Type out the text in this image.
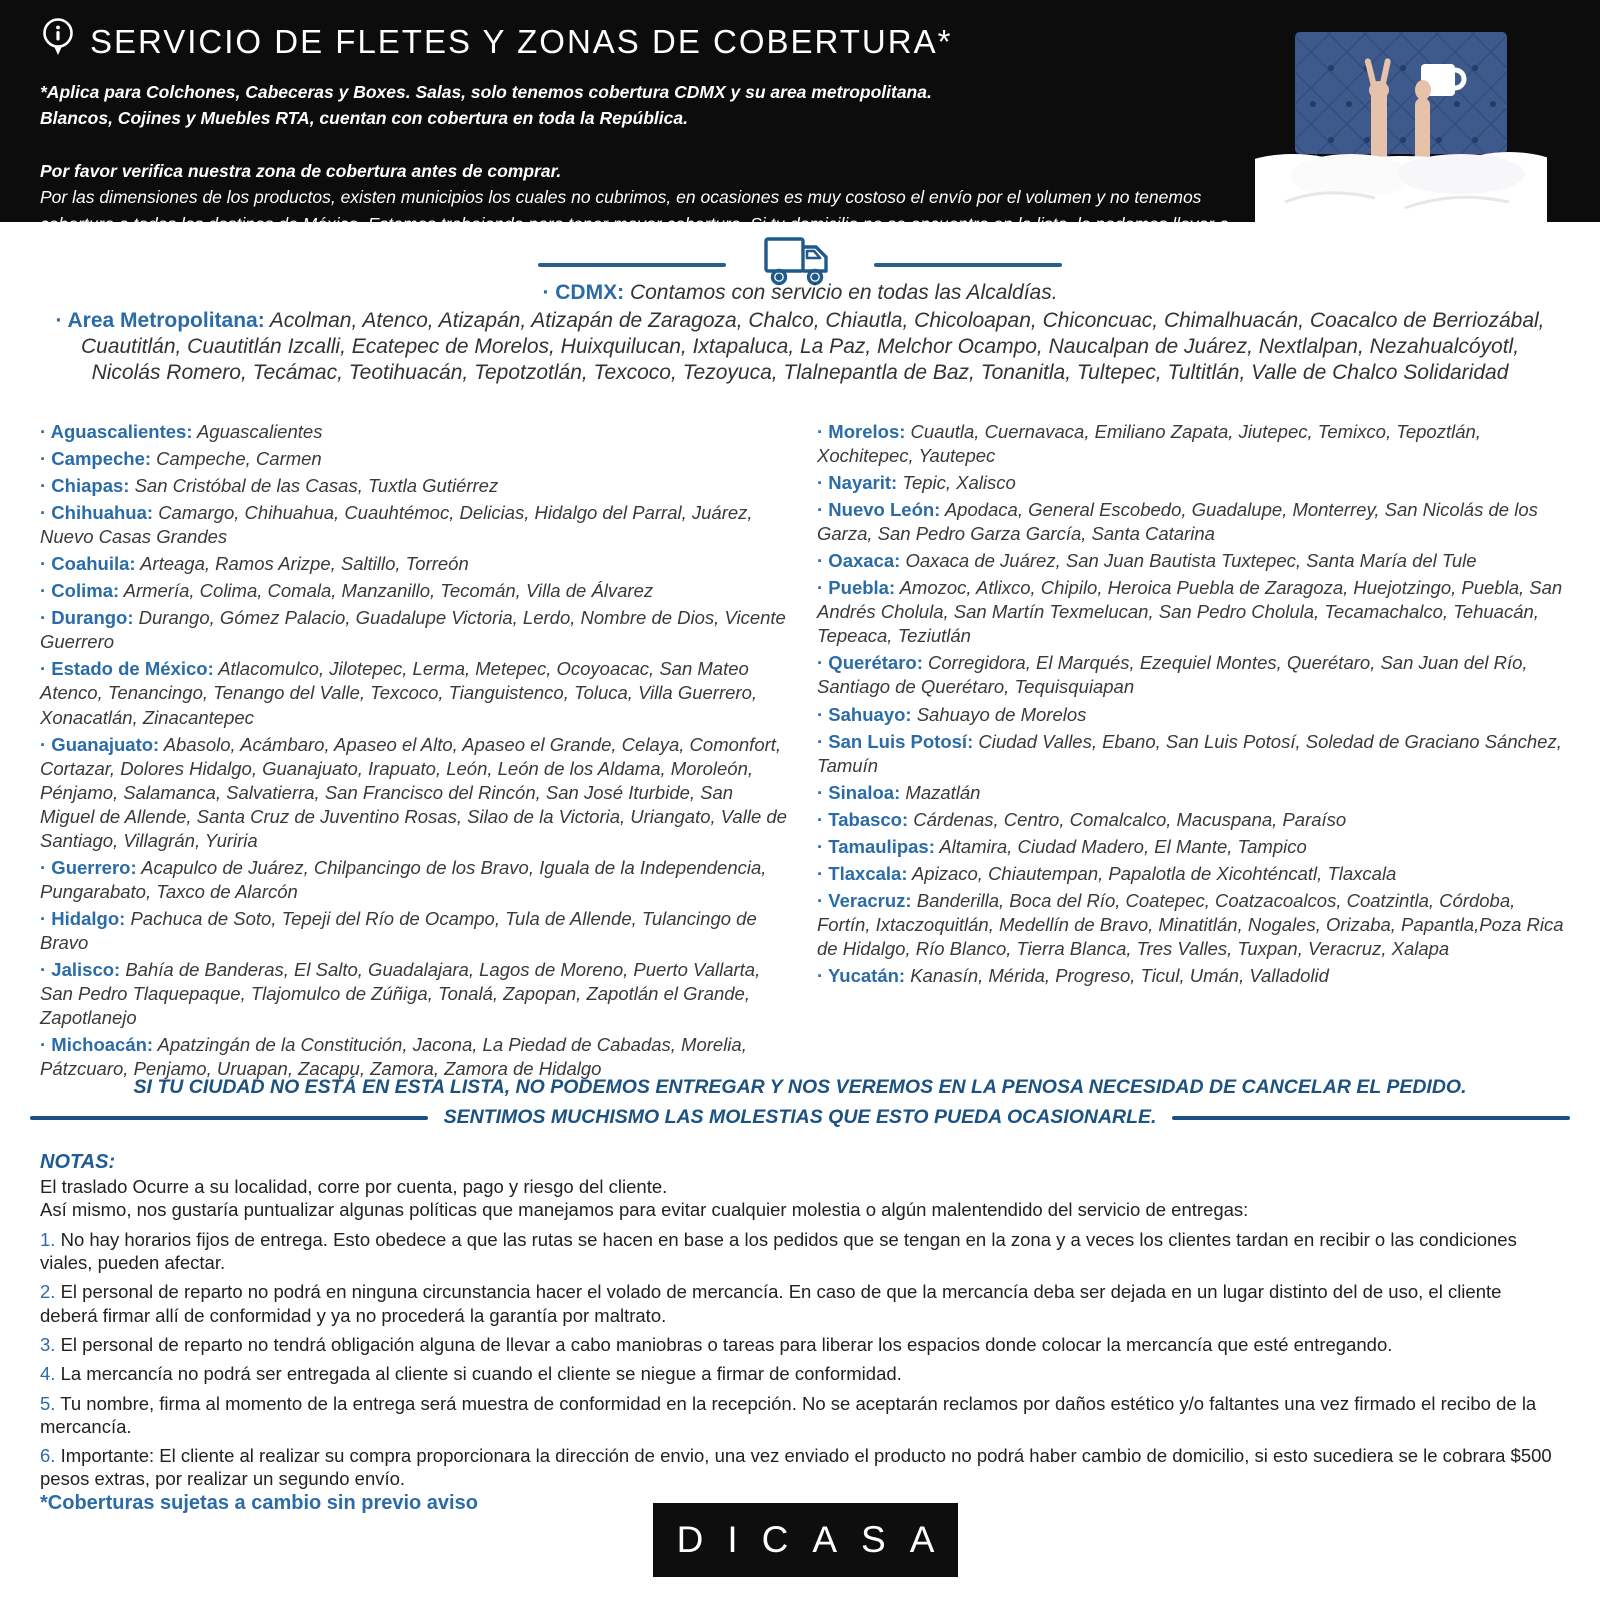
SERVICIO DE FLETES Y ZONAS DE COBERTURA*

*Aplica para Colchones, Cabeceras y Boxes. Salas, solo tenemos cobertura CDMX y su area metropolitana.
Blancos, Cojines y Muebles RTA, cuentan con cobertura en toda la República.

Por favor verifica nuestra zona de cobertura antes de comprar.
Por las dimensiones de los productos, existen municipios los cuales no cubrimos, en ocasiones es muy costoso el envío por el volumen y no tenemos cobertura a todos los destinos de México. Estamos trabajando para tener mayor cobertura. Si tu domicilio no se encuentra en la lista, lo podemos llevar a la ciudad más cercana para que de ahí, tú puedas recoger la mercancía. Esto se llama servicio Ocurre.

· CDMX: Contamos con servicio en todas las Alcaldías.
· Area Metropolitana: Acolman, Atenco, Atizapán, Atizapán de Zaragoza, Chalco, Chiautla, Chicoloapan, Chiconcuac, Chimalhuacán, Coacalco de Berriozábal, Cuautitlán, Cuautitlán Izcalli, Ecatepec de Morelos, Huixquilucan, Ixtapaluca, La Paz, Melchor Ocampo, Naucalpan de Juárez, Nextlalpan, Nezahualcóyotl, Nicolás Romero, Tecámac, Teotihuacán, Tepotzotlán, Texcoco, Tezoyuca, Tlalnepantla de Baz, Tonanitla, Tultepec, Tultitlán, Valle de Chalco Solidaridad

· Aguascalientes: Aguascalientes

· Campeche: Campeche, Carmen

· Chiapas: San Cristóbal de las Casas, Tuxtla Gutiérrez

· Chihuahua: Camargo, Chihuahua, Cuauhtémoc, Delicias, Hidalgo del Parral, Juárez, Nuevo Casas Grandes

· Coahuila: Arteaga, Ramos Arizpe, Saltillo, Torreón

· Colima: Armería, Colima, Comala, Manzanillo, Tecomán, Villa de Álvarez

· Durango: Durango, Gómez Palacio, Guadalupe Victoria, Lerdo, Nombre de Dios, Vicente Guerrero

· Estado de México: Atlacomulco, Jilotepec, Lerma, Metepec, Ocoyoacac, San Mateo Atenco, Tenancingo, Tenango del Valle, Texcoco, Tianguistenco, Toluca, Villa Guerrero, Xonacatlán, Zinacantepec

· Guanajuato: Abasolo, Acámbaro, Apaseo el Alto, Apaseo el Grande, Celaya, Comonfort, Cortazar, Dolores Hidalgo, Guanajuato, Irapuato, León, León de los Aldama, Moroleón, Pénjamo, Salamanca, Salvatierra, San Francisco del Rincón, San José Iturbide, San Miguel de Allende, Santa Cruz de Juventino Rosas, Silao de la Victoria, Uriangato, Valle de Santiago, Villagrán, Yuriria

· Guerrero: Acapulco de Juárez, Chilpancingo de los Bravo, Iguala de la Independencia, Pungarabato, Taxco de Alarcón

· Hidalgo: Pachuca de Soto, Tepeji del Río de Ocampo, Tula de Allende, Tulancingo de Bravo

· Jalisco: Bahía de Banderas, El Salto, Guadalajara, Lagos de Moreno, Puerto Vallarta, San Pedro Tlaquepaque, Tlajomulco de Zúñiga, Tonalá, Zapopan, Zapotlán el Grande, Zapotlanejo

· Michoacán: Apatzingán de la Constitución, Jacona, La Piedad de Cabadas, Morelia, Pátzcuaro, Penjamo, Uruapan, Zacapu, Zamora, Zamora de Hidalgo

· Morelos: Cuautla, Cuernavaca, Emiliano Zapata, Jiutepec, Temixco, Tepoztlán, Xochitepec, Yautepec

· Nayarit: Tepic, Xalisco

· Nuevo León: Apodaca, General Escobedo, Guadalupe, Monterrey, San Nicolás de los Garza, San Pedro Garza García, Santa Catarina

· Oaxaca: Oaxaca de Juárez, San Juan Bautista Tuxtepec, Santa María del Tule

· Puebla: Amozoc, Atlixco, Chipilo, Heroica Puebla de Zaragoza, Huejotzingo, Puebla, San Andrés Cholula, San Martín Texmelucan, San Pedro Cholula, Tecamachalco, Tehuacán, Tepeaca, Teziutlán

· Querétaro: Corregidora, El Marqués, Ezequiel Montes, Querétaro, San Juan del Río, Santiago de Querétaro, Tequisquiapan

· Sahuayo: Sahuayo de Morelos

· San Luis Potosí: Ciudad Valles, Ebano, San Luis Potosí, Soledad de Graciano Sánchez, Tamuín

· Sinaloa: Mazatlán

· Tabasco: Cárdenas, Centro, Comalcalco, Macuspana, Paraíso

· Tamaulipas: Altamira, Ciudad Madero, El Mante, Tampico

· Tlaxcala: Apizaco, Chiautempan, Papalotla de Xicohténcatl, Tlaxcala

· Veracruz: Banderilla, Boca del Río, Coatepec, Coatzacoalcos, Coatzintla, Córdoba, Fortín, Ixtaczoquitlán, Medellín de Bravo, Minatitlán, Nogales, Orizaba, Papantla,Poza Rica de Hidalgo, Río Blanco, Tierra Blanca, Tres Valles, Tuxpan, Veracruz, Xalapa

· Yucatán: Kanasín, Mérida, Progreso, Ticul, Umán, Valladolid

SI TU CIUDAD NO ESTÁ EN ESTA LISTA, NO PODEMOS ENTREGAR Y NOS VEREMOS EN LA PENOSA NECESIDAD DE CANCELAR EL PEDIDO.
SENTIMOS MUCHISMO LAS MOLESTIAS QUE ESTO PUEDA OCASIONARLE.

NOTAS:

El traslado Ocurre a su localidad, corre por cuenta, pago y riesgo del cliente.

Así mismo, nos gustaría puntualizar algunas políticas que manejamos para evitar cualquier molestia o algún malentendido del servicio de entregas:

1. No hay horarios fijos de entrega. Esto obedece a que las rutas se hacen en base a los pedidos que se tengan en la zona y a veces los clientes tardan en recibir o las condiciones viales, pueden afectar.

2. El personal de reparto no podrá en ninguna circunstancia hacer el volado de mercancía. En caso de que la mercancía deba ser dejada en un lugar distinto del de uso, el cliente deberá firmar allí de conformidad y ya no procederá la garantía por maltrato.

3. El personal de reparto no tendrá obligación alguna de llevar a cabo maniobras o tareas para liberar los espacios donde colocar la mercancía que esté entregando.

4. La mercancía no podrá ser entregada al cliente si cuando el cliente se niegue a firmar de conformidad.

5. Tu nombre, firma al momento de la entrega será muestra de conformidad en la recepción. No se aceptarán reclamos por daños estético y/o faltantes una vez firmado el recibo de la mercancía.

6. Importante: El cliente al realizar su compra proporcionara la dirección de envio, una vez enviado el producto no podrá haber cambio de domicilio, si esto sucediera se le cobrara $500 pesos extras, por realizar un segundo envío.

*Coberturas sujetas a cambio sin previo aviso

DICASA
